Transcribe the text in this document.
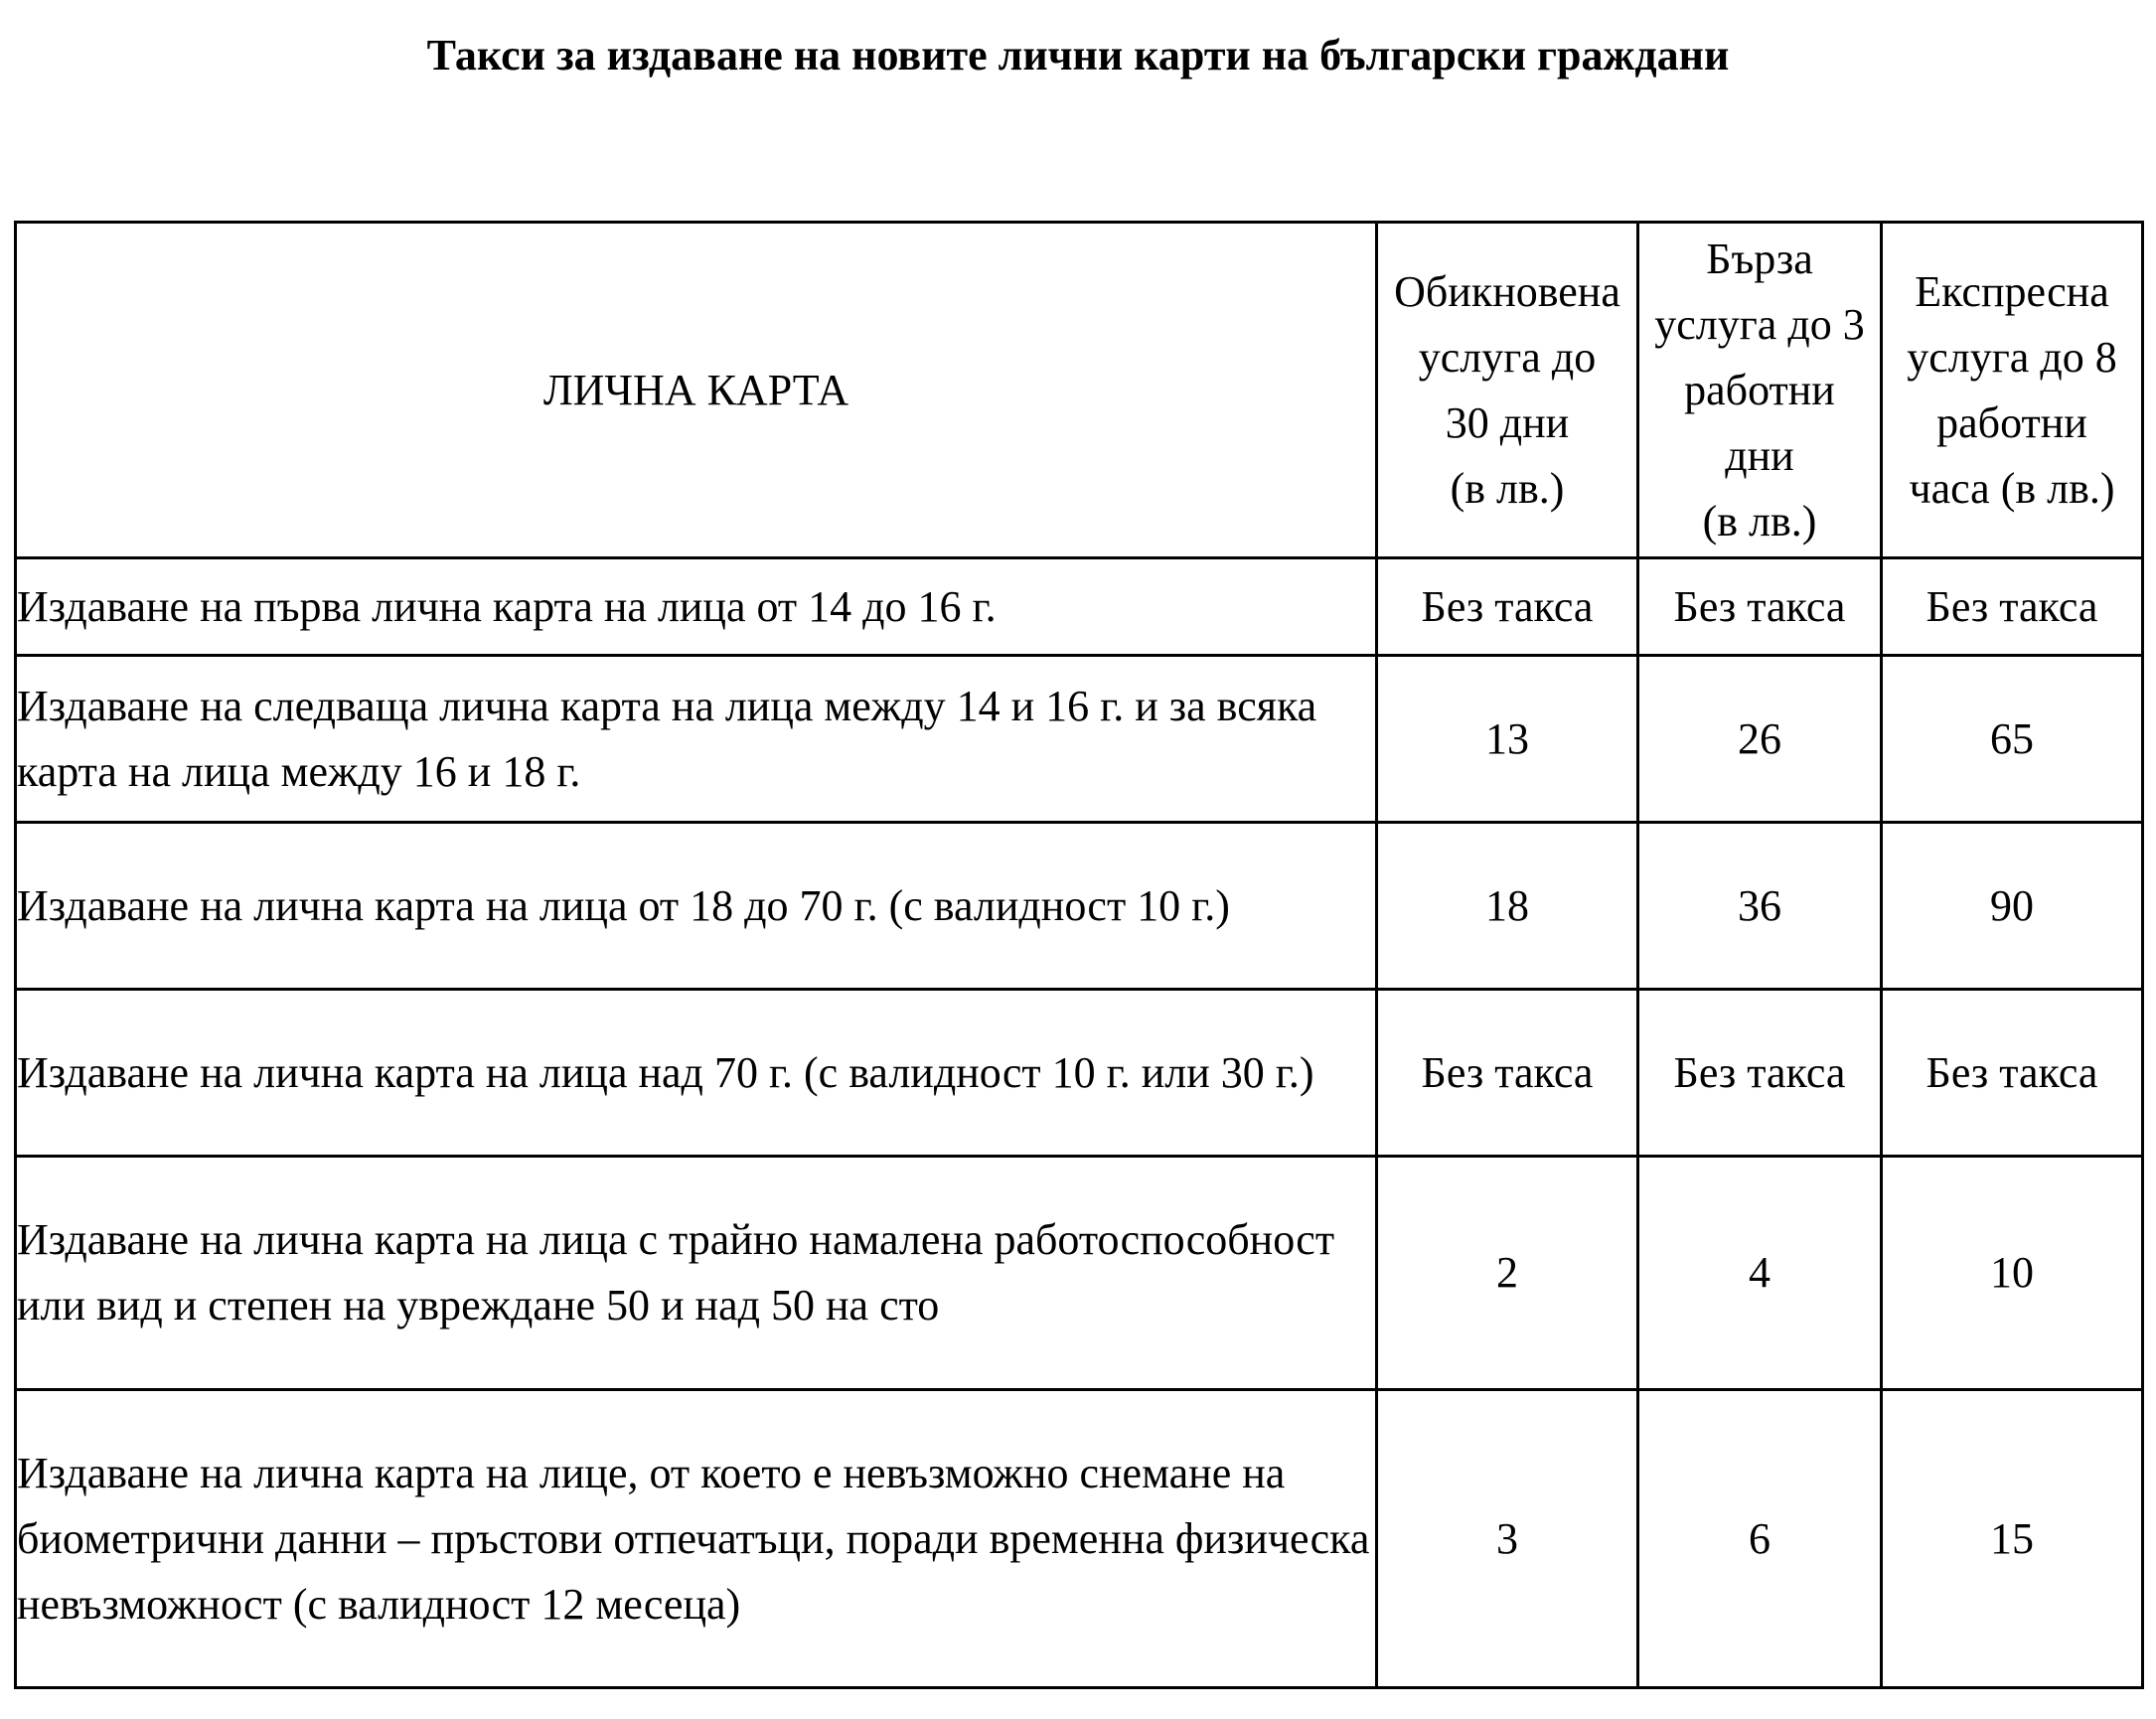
Такси за издаване на новите лични карти на български граждани
ЛИЧНА КАРТА	Обикновена
услуга до
30 дни
(в лв.)	Бърза
услуга до 3
работни
дни
(в лв.)	Експресна
услуга до 8
работни
часа (в лв.)
Издаване на първа лична карта на лица от 14 до 16 г.	Без такса	Без такса	Без такса
Издаване на следваща лична карта на лица между 14 и 16 г. и за всяка карта на лица между 16 и 18 г.	13	26	65
Издаване на лична карта на лица от 18 до 70 г. (с валидност 10 г.)	18	36	90
Издаване на лична карта на лица над 70 г. (с валидност 10 г. или 30 г.)	Без такса	Без такса	Без такса
Издаване на лична карта на лица с трайно намалена работоспособност или вид и степен на увреждане 50 и над 50 на сто	2	4	10
Издаване на лична карта на лице, от което е невъзможно снемане на биометрични данни – пръстови отпечатъци, поради временна физическа невъзможност (с валидност 12 месеца)	3	6	15
